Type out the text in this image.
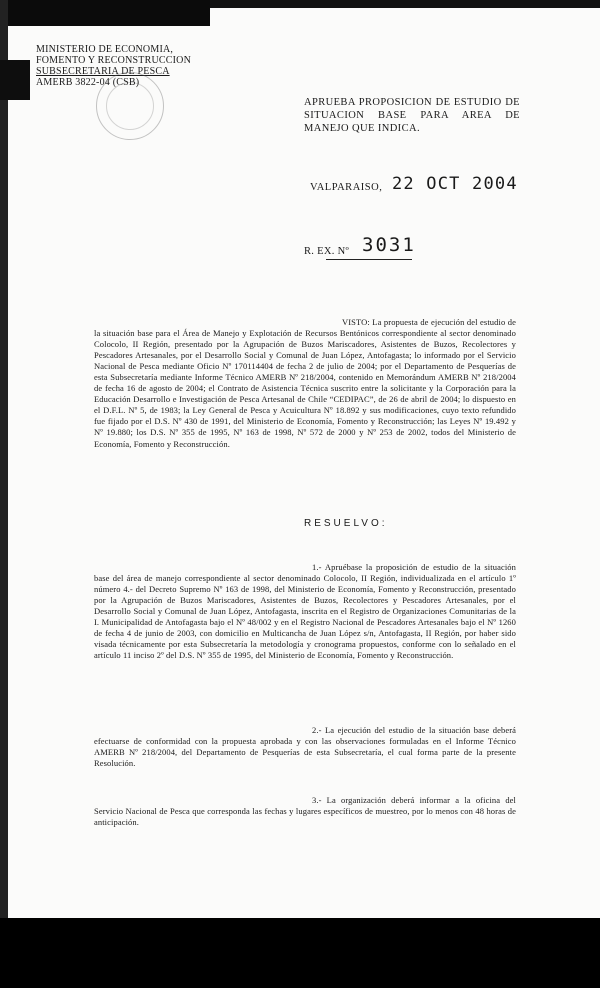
MINISTERIO DE ECONOMIA,
FOMENTO Y RECONSTRUCCION
SUBSECRETARIA DE PESCA
AMERB 3822-04 (CSB)
APRUEBA PROPOSICION DE ESTUDIO DE SITUACION BASE PARA AREA DE MANEJO QUE INDICA.
VALPARAISO, 22 OCT 2004
R. EX. Nº 3031

VISTO: La propuesta de ejecución del estudio de la situación base para el Área de Manejo y Explotación de Recursos Bentónicos correspondiente al sector denominado Colocolo, II Región, presentado por la Agrupación de Buzos Mariscadores, Asistentes de Buzos, Recolectores y Pescadores Artesanales, por el Desarrollo Social y Comunal de Juan López, Antofagasta; lo informado por el Servicio Nacional de Pesca mediante Oficio Nº 170114404 de fecha 2 de julio de 2004; por el Departamento de Pesquerías de esta Subsecretaría mediante Informe Técnico AMERB Nº 218/2004, contenido en Memorándum AMERB Nº 218/2004 de fecha 16 de agosto de 2004; el Contrato de Asistencia Técnica suscrito entre la solicitante y la Corporación para la Educación Desarrollo e Investigación de Pesca Artesanal de Chile “CEDIPAC”, de 26 de abril de 2004; lo dispuesto en el D.F.L. Nº 5, de 1983; la Ley General de Pesca y Acuicultura Nº 18.892 y sus modificaciones, cuyo texto refundido fue fijado por el D.S. Nº 430 de 1991, del Ministerio de Economía, Fomento y Reconstrucción; las Leyes Nº 19.492 y Nº 19.880; los D.S. Nº 355 de 1995, Nº 163 de 1998, Nº 572 de 2000 y Nº 253 de 2002, todos del Ministerio de Economía, Fomento y Reconstrucción.

RESUELVO:

1.- Apruébase la proposición de estudio de la situación base del área de manejo correspondiente al sector denominado Colocolo, II Región, individualizada en el artículo 1º número 4.- del Decreto Supremo Nº 163 de 1998, del Ministerio de Economía, Fomento y Reconstrucción, presentado por la Agrupación de Buzos Mariscadores, Asistentes de Buzos, Recolectores y Pescadores Artesanales, por el Desarrollo Social y Comunal de Juan López, Antofagasta, inscrita en el Registro de Organizaciones Comunitarias de la I. Municipalidad de Antofagasta bajo el Nº 48/002 y en el Registro Nacional de Pescadores Artesanales bajo el Nº 1260 de fecha 4 de junio de 2003, con domicilio en Multicancha de Juan López s/n, Antofagasta, II Región, por haber sido visada técnicamente por esta Subsecretaría la metodología y cronograma propuestos, conforme con lo señalado en el artículo 11 inciso 2º del D.S. Nº 355 de 1995, del Ministerio de Economía, Fomento y Reconstrucción.

2.- La ejecución del estudio de la situación base deberá efectuarse de conformidad con la propuesta aprobada y con las observaciones formuladas en el Informe Técnico AMERB Nº 218/2004, del Departamento de Pesquerías de esta Subsecretaría, el cual forma parte de la presente Resolución.

3.- La organización deberá informar a la oficina del Servicio Nacional de Pesca que corresponda las fechas y lugares específicos de muestreo, por lo menos con 48 horas de anticipación.
